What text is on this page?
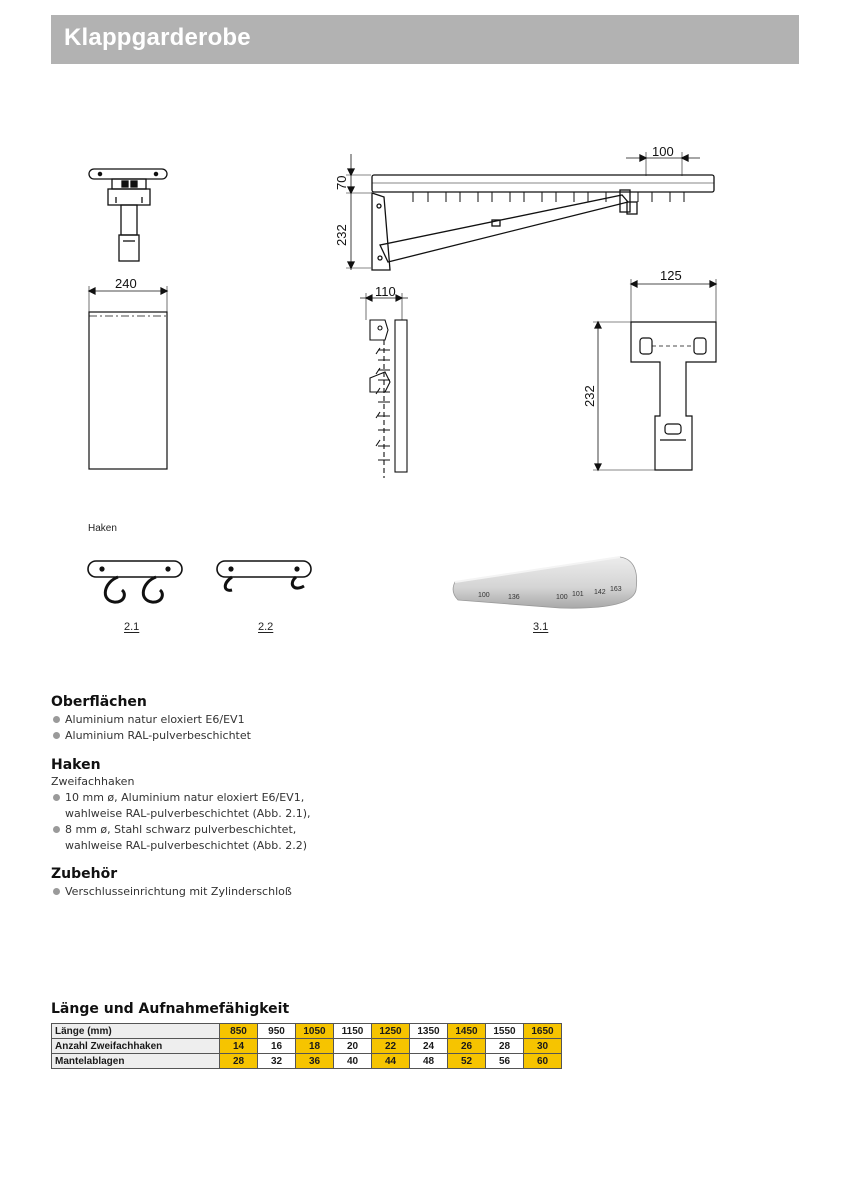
Klappgarderobe
100
70
232
240
110
125
232
100	136	100 101 142 163
Haken
2.1	2.2	3.1
Oberflächen
Aluminium natur eloxiert E6/EV1
Aluminium RAL-pulverbeschichtet
Haken
Zweifachhaken
10 mm ø, Aluminium natur eloxiert E6/EV1,
wahlweise RAL-pulverbeschichtet (Abb. 2.1),
8 mm ø, Stahl schwarz pulverbeschichtet,
wahlweise RAL-pulverbeschichtet (Abb. 2.2)
Zubehör
Verschlusseinrichtung mit Zylinderschloß
Länge und Aufnahmefähigkeit
Länge (mm)	850	950	1050	1150	1250	1350	1450	1550	1650
Anzahl Zweifachhaken	14	16	18	20	22	24	26	28	30
Mantelablagen	28	32	36	40	44	48	52	56	60
